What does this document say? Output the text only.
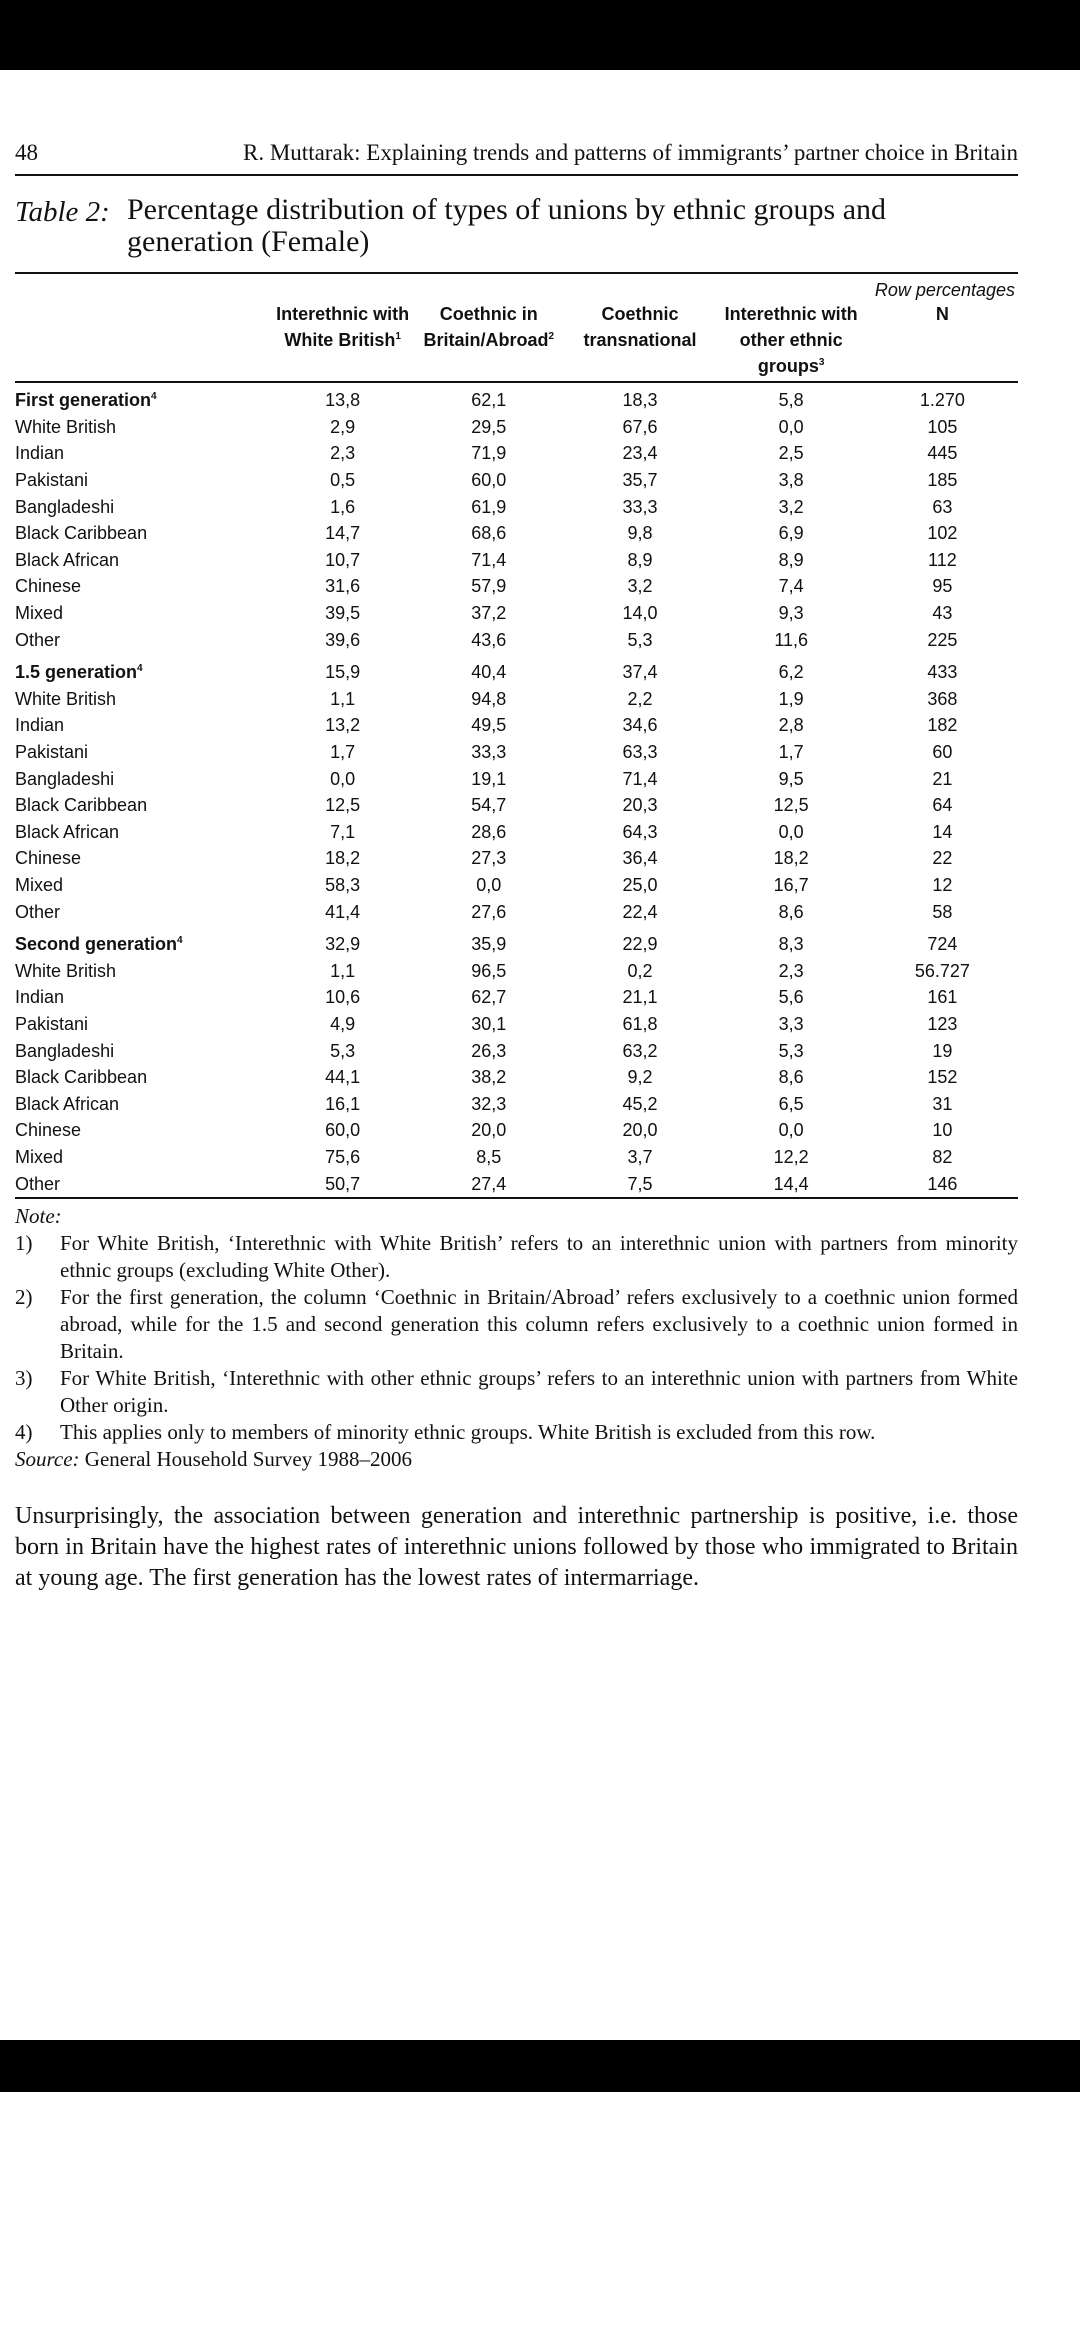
48	R. Muttarak: Explaining trends and patterns of immigrants’ partner choice in Britain
Table 2: Percentage distribution of types of unions by ethnic groups and generation (Female)
Row percentages
	Interethnic with White British$^1$	Coethnic in Britain/Abroad$^2$	Coethnic transnational	Interethnic with other ethnic groups$^3$	N
First generation$^4$	13,8	62,1	18,3	5,8	1.270
White British	2,9	29,5	67,6	0,0	105
Indian	2,3	71,9	23,4	2,5	445
Pakistani	0,5	60,0	35,7	3,8	185
Bangladeshi	1,6	61,9	33,3	3,2	63
Black Caribbean	14,7	68,6	9,8	6,9	102
Black African	10,7	71,4	8,9	8,9	112
Chinese	31,6	57,9	3,2	7,4	95
Mixed	39,5	37,2	14,0	9,3	43
Other	39,6	43,6	5,3	11,6	225
1.5 generation$^4$	15,9	40,4	37,4	6,2	433
White British	1,1	94,8	2,2	1,9	368
Indian	13,2	49,5	34,6	2,8	182
Pakistani	1,7	33,3	63,3	1,7	60
Bangladeshi	0,0	19,1	71,4	9,5	21
Black Caribbean	12,5	54,7	20,3	12,5	64
Black African	7,1	28,6	64,3	0,0	14
Chinese	18,2	27,3	36,4	18,2	22
Mixed	58,3	0,0	25,0	16,7	12
Other	41,4	27,6	22,4	8,6	58
Second generation$^4$	32,9	35,9	22,9	8,3	724
White British	1,1	96,5	0,2	2,3	56.727
Indian	10,6	62,7	21,1	5,6	161
Pakistani	4,9	30,1	61,8	3,3	123
Bangladeshi	5,3	26,3	63,2	5,3	19
Black Caribbean	44,1	38,2	9,2	8,6	152
Black African	16,1	32,3	45,2	6,5	31
Chinese	60,0	20,0	20,0	0,0	10
Mixed	75,6	8,5	3,7	12,2	82
Other	50,7	27,4	7,5	14,4	146
Note:
1)	For White British, ‘Interethnic with White British’ refers to an interethnic union with partners from minority ethnic groups (excluding White Other).
2)	For the first generation, the column ‘Coethnic in Britain/Abroad’ refers exclusively to a coethnic union formed abroad, while for the 1.5 and second generation this column refers exclusively to a coethnic union formed in Britain.
3)	For White British, ‘Interethnic with other ethnic groups’ refers to an interethnic union with partners from White Other origin.
4)	This applies only to members of minority ethnic groups. White British is excluded from this row.
Source: General Household Survey 1988–2006

Unsurprisingly, the association between generation and interethnic partnership is positive, i.e. those born in Britain have the highest rates of interethnic unions followed by those who immigrated to Britain at young age. The first generation has the lowest rates of intermarriage.
